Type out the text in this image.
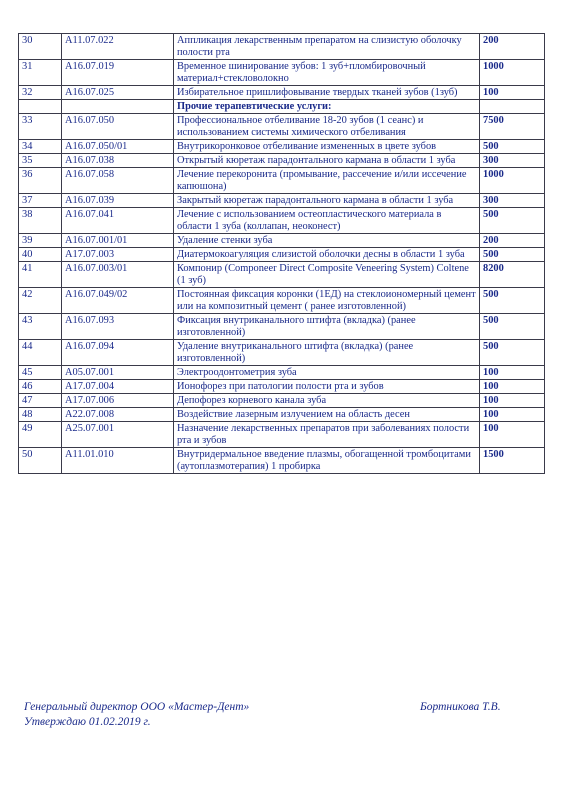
30	A11.07.022	Аппликация лекарственным препаратом на слизистую оболочку полости рта	200
31	A16.07.019	Временное шинирование зубов: 1 зуб+пломбировочный материал+стекловолокно	1000
32	A16.07.025	Избирательное пришлифовывание твердых тканей зубов (1зуб)	100
		Прочие терапевтические услуги:	
33	A16.07.050	Профессиональное отбеливание 18-20 зубов (1 сеанс) и использованием системы химического отбеливания	7500
34	A16.07.050/01	Внутрикоронковое отбеливание измененных в цвете зубов	500
35	A16.07.038	Открытый кюретаж парадонтального кармана в области 1 зуба	300
36	A16.07.058	Лечение перекоронита (промывание, рассечение и/или иссечение капюшона)	1000
37	A16.07.039	Закрытый кюретаж парадонтального кармана в области 1 зуба	300
38	A16.07.041	Лечение с использованием остеопластического материала в области 1 зуба (коллапан, неоконест)	500
39	A16.07.001/01	Удаление стенки зуба	200
40	A17.07.003	Диатермокоагуляция слизистой оболочки десны в области 1 зуба	500
41	A16.07.003/01	Компонир (Componeer Direct Composite Veneering System) Coltene (1 зуб)	8200
42	A16.07.049/02	Постоянная фиксация коронки (1ЕД) на стеклоиономерный цемент или на композитный цемент ( ранее изготовленной)	500
43	A16.07.093	Фиксация внутриканального штифта (вкладка) (ранее изготовленной)	500
44	A16.07.094	Удаление внутриканального штифта (вкладка) (ранее изготовленной)	500
45	A05.07.001	Электроодонтометрия зуба	100
46	A17.07.004	Ионофорез при патологии полости рта и зубов	100
47	A17.07.006	Депофорез корневого канала зуба	100
48	A22.07.008	Воздействие лазерным излучением на область десен	100
49	A25.07.001	Назначение лекарственных препаратов при заболеваниях полости рта и зубов	100
50	A11.01.010	Внутридермальное введение плазмы, обогащенной тромбоцитами (аутоплазмотерапия) 1 пробирка	1500
Генеральный директор ООО «Мастер-Дент»
Утверждаю 01.02.2019 г.
Бортникова Т.В.
